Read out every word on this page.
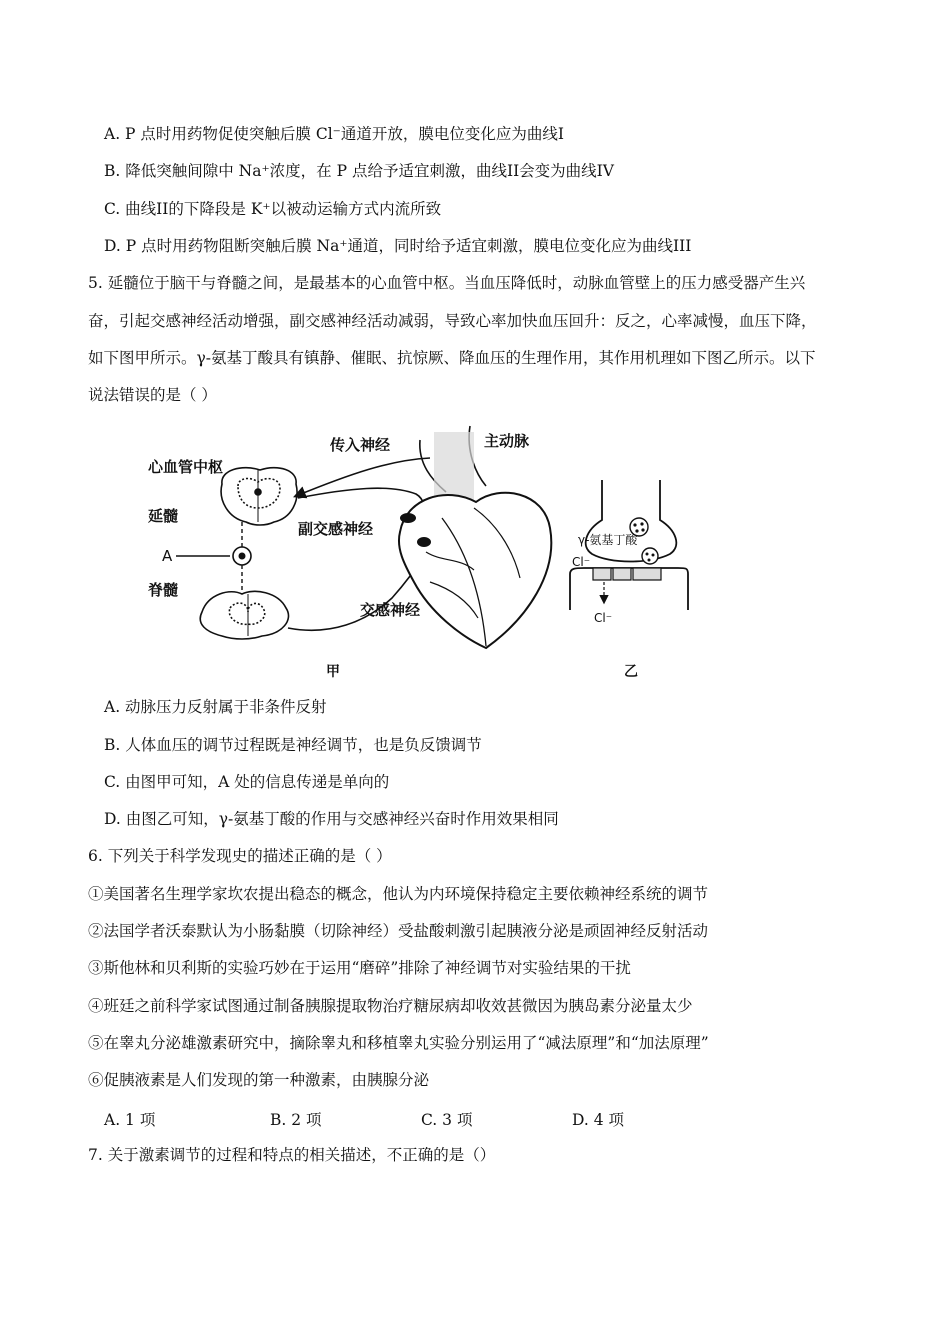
A. P 点时用药物促使突触后膜 Cl⁻通道开放，膜电位变化应为曲线I
B. 降低突触间隙中 Na⁺浓度，在 P 点给予适宜刺激，曲线II会变为曲线IV
C. 曲线II的下降段是 K⁺以被动运输方式内流所致
D. P 点时用药物阻断突触后膜 Na⁺通道，同时给予适宜刺激，膜电位变化应为曲线III
5. 延髓位于脑干与脊髓之间，是最基本的心血管中枢。当血压降低时，动脉血管壁上的压力感受器产生兴
奋，引起交感神经活动增强，副交感神经活动减弱，导致心率加快血压回升：反之，心率减慢，血压下降，
如下图甲所示。γ-氨基丁酸具有镇静、催眠、抗惊厥、降血压的生理作用，其作用机理如下图乙所示。以下
说法错误的是（ ）
心血管中枢
延髓
A
脊髓
传入神经	主动脉
副交感神经
交感神经
γ-氨基丁酸
Cl⁻
Cl⁻
甲	乙
A. 动脉压力反射属于非条件反射
B. 人体血压的调节过程既是神经调节，也是负反馈调节
C. 由图甲可知，A 处的信息传递是单向的
D. 由图乙可知，γ-氨基丁酸的作用与交感神经兴奋时作用效果相同
6. 下列关于科学发现史的描述正确的是（ ）
①美国著名生理学家坎农提出稳态的概念，他认为内环境保持稳定主要依赖神经系统的调节
②法国学者沃泰默认为小肠黏膜（切除神经）受盐酸刺激引起胰液分泌是顽固神经反射活动
③斯他林和贝利斯的实验巧妙在于运用“磨碎”排除了神经调节对实验结果的干扰
④班廷之前科学家试图通过制备胰腺提取物治疗糖尿病却收效甚微因为胰岛素分泌量太少
⑤在睾丸分泌雄激素研究中，摘除睾丸和移植睾丸实验分别运用了“减法原理”和“加法原理”
⑥促胰液素是人们发现的第一种激素，由胰腺分泌
A. 1 项	B. 2 项	C. 3 项	D. 4 项
7. 关于激素调节的过程和特点的相关描述，不正确的是（）
